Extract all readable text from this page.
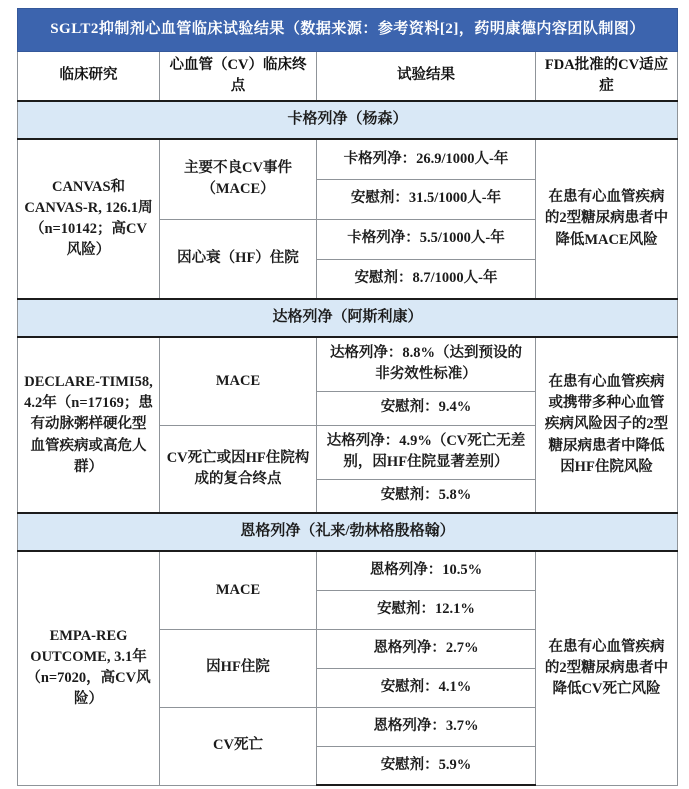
SGLT2抑制剂心血管临床试验结果（数据来源：参考资料[2]，药明康德内容团队制图）			
临床研究	心血管（CV）临床终点	试验结果	FDA批准的CV适应症
卡格列净（杨森）			
CANVAS和CANVAS-R, 126.1周（n=10142；高CV风险）	主要不良CV事件（MACE）	卡格列净：26.9/1000人-年	在患有心血管疾病的2型糖尿病患者中降低MACE风险
		安慰剂：31.5/1000人-年	
	因心衰（HF）住院	卡格列净：5.5/1000人-年	
		安慰剂：8.7/1000人-年	
达格列净（阿斯利康）			
DECLARE-TIMI58, 4.2年（n=17169；患有动脉粥样硬化型血管疾病或高危人群）	MACE	达格列净：8.8%（达到预设的非劣效性标准）	在患有心血管疾病或携带多种心血管疾病风险因子的2型糖尿病患者中降低因HF住院风险
		安慰剂：9.4%	
	CV死亡或因HF住院构成的复合终点	达格列净：4.9%（CV死亡无差别，因HF住院显著差别）	
		安慰剂：5.8%	
恩格列净（礼来/勃林格殷格翰）			
EMPA-REG OUTCOME, 3.1年（n=7020，高CV风险）	MACE	恩格列净：10.5%	在患有心血管疾病的2型糖尿病患者中降低CV死亡风险
		安慰剂：12.1%	
	因HF住院	恩格列净：2.7%	
		安慰剂：4.1%	
	CV死亡	恩格列净：3.7%	
		安慰剂：5.9%	
